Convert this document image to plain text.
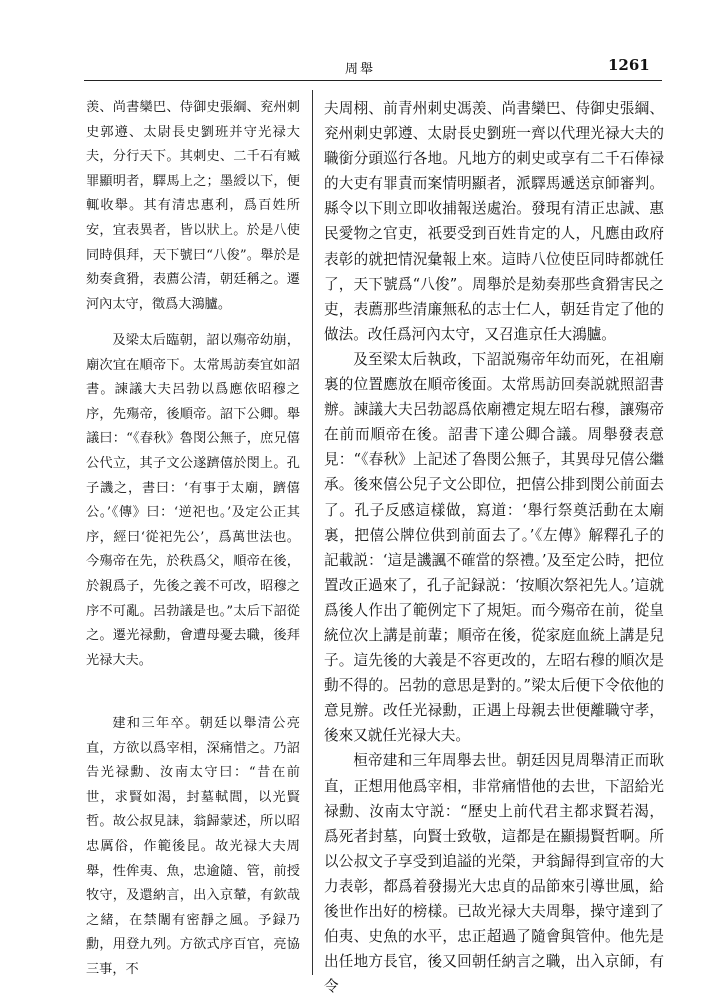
周舉	1261

羡、尚書欒巴、侍御史張綱、兖州刺史郭遵、太尉長史劉班并守光禄大夫，分行天下。其刺史、二千石有臧罪顯明者，驛馬上之；墨綬以下，便輒收舉。其有清忠惠利，爲百姓所安，宜表異者，皆以狀上。於是八使同時俱拜，天下號曰“八俊”。舉於是劾奏貪猾，表薦公清，朝廷稱之。遷河內太守，徵爲大鴻臚。

及梁太后臨朝，詔以殤帝幼崩，廟次宜在順帝下。太常馬訪奏宜如詔書。諫議大夫呂勃以爲應依昭穆之序，先殤帝，後順帝。詔下公卿。舉議曰：“《春秋》魯閔公無子，庶兄僖公代立，其子文公遂躋僖於閔上。孔子譏之，書曰：‘有事于太廟，躋僖公。’《傳》曰：‘逆祀也。’及定公正其序，經曰‘從祀先公’，爲萬世法也。今殤帝在先，於秩爲父，順帝在後，於親爲子，先後之義不可改，昭穆之序不可亂。呂勃議是也。”太后下詔從之。遷光禄勳，會遭母憂去職，後拜光禄大夫。

建和三年卒。朝廷以舉清公亮直，方欲以爲宰相，深痛惜之。乃詔告光禄勳、汝南太守曰：“昔在前世，求賢如渴，封墓軾閭，以光賢哲。故公叔見誄，翁歸蒙述，所以昭忠厲俗，作範後昆。故光禄大夫周舉，性侔夷、魚，忠逾隨、管，前授牧守，及還納言，出入京輦，有欽哉之緒，在禁闈有密靜之風。予録乃勳，用登九列。方欲式序百官，亮協三事，不

夫周栩、前青州刺史馮羡、尚書欒巴、侍御史張綱、兖州刺史郭遵、太尉長史劉班一齊以代理光禄大夫的職銜分頭巡行各地。凡地方的刺史或享有二千石俸禄的大吏有罪責而案情明顯者，派驛馬遞送京師審判。縣令以下則立即收捕報送處治。發現有清正忠誠、惠民愛物之官吏，祇要受到百姓肯定的人，凡應由政府表彰的就把情況彙報上來。這時八位使臣同時都就任了，天下號爲“八俊”。周舉於是劾奏那些貪猾害民之吏，表薦那些清廉無私的志士仁人，朝廷肯定了他的做法。改任爲河內太守，又召進京任大鴻臚。

及至梁太后執政，下詔説殤帝年幼而死，在祖廟裏的位置應放在順帝後面。太常馬訪回奏説就照詔書辦。諫議大夫呂勃認爲依廟禮定規左昭右穆，讓殤帝在前而順帝在後。詔書下達公卿合議。周舉發表意見：“《春秋》上記述了魯閔公無子，其異母兄僖公繼承。後來僖公兒子文公即位，把僖公排到閔公前面去了。孔子反感這樣做，寫道：‘舉行祭奠活動在太廟裏，把僖公牌位供到前面去了。’《左傳》解釋孔子的記載説：‘這是譏諷不確當的祭禮。’及至定公時，把位置改正過來了，孔子記録説：‘按順次祭祀先人。’這就爲後人作出了範例定下了規矩。而今殤帝在前，從皇統位次上講是前輩；順帝在後，從家庭血統上講是兒子。這先後的大義是不容更改的，左昭右穆的順次是動不得的。呂勃的意思是對的。”梁太后便下令依他的意見辦。改任光禄勳，正遇上母親去世便離職守孝，後來又就任光禄大夫。

桓帝建和三年周舉去世。朝廷因見周舉清正而耿直，正想用他爲宰相，非常痛惜他的去世，下詔給光禄勳、汝南太守説：“歷史上前代君主都求賢若渴，爲死者封墓，向賢士致敬，這都是在顯揚賢哲啊。所以公叔文子享受到追謚的光榮，尹翁歸得到宣帝的大力表彰，都爲着發揚光大忠貞的品節來引導世風，給後世作出好的榜樣。已故光禄大夫周舉，操守達到了伯夷、史魚的水平，忠正超過了隨會與管仲。他先是出任地方長官，後又回朝任納言之職，出入京師，有令
